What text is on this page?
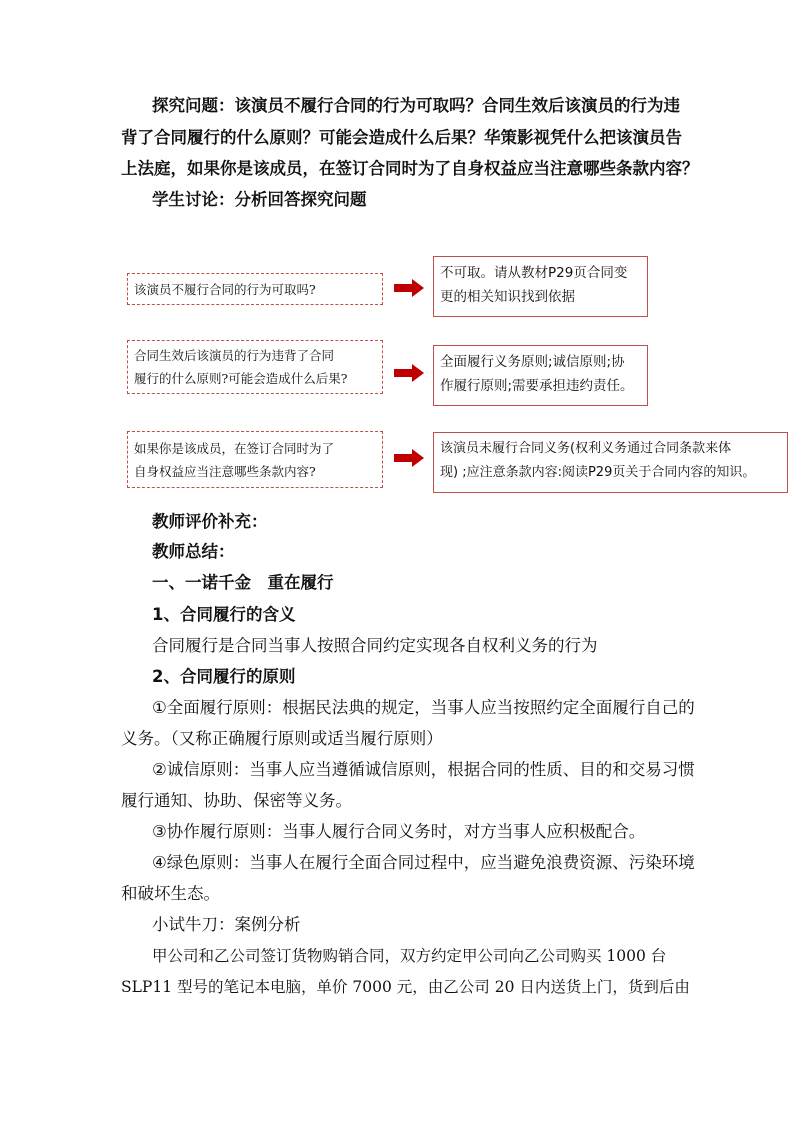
探究问题：该演员不履行合同的行为可取吗？合同生效后该演员的行为违
背了合同履行的什么原则？可能会造成什么后果？华策影视凭什么把该演员告
上法庭，如果你是该成员，在签订合同时为了自身权益应当注意哪些条款内容？
学生讨论：分析回答探究问题
该演员不履行合同的行为可取吗?
不可取。请从教材P29页合同变
更的相关知识找到依据
合同生效后该演员的行为违背了合同
履行的什么原则?可能会造成什么后果?
全面履行义务原则;诚信原则;协
作履行原则;需要承担违约责任。
如果你是该成员，在签订合同时为了
自身权益应当注意哪些条款内容?
该演员未履行合同义务(权利义务通过合同条款来体
现) ;应注意条款内容:阅读P29页关于合同内容的知识。
教师评价补充：
教师总结：
一、一诺千金　重在履行
1、合同履行的含义
合同履行是合同当事人按照合同约定实现各自权利义务的行为
2、合同履行的原则
①全面履行原则：根据民法典的规定，当事人应当按照约定全面履行自己的
义务。（又称正确履行原则或适当履行原则）
②诚信原则：当事人应当遵循诚信原则，根据合同的性质、目的和交易习惯
履行通知、协助、保密等义务。
③协作履行原则：当事人履行合同义务时，对方当事人应积极配合。
④绿色原则：当事人在履行全面合同过程中，应当避免浪费资源、污染环境
和破坏生态。
小试牛刀：案例分析
甲公司和乙公司签订货物购销合同，双方约定甲公司向乙公司购买 1000 台
SLP11 型号的笔记本电脑，单价 7000 元，由乙公司 20 日内送货上门，货到后由
